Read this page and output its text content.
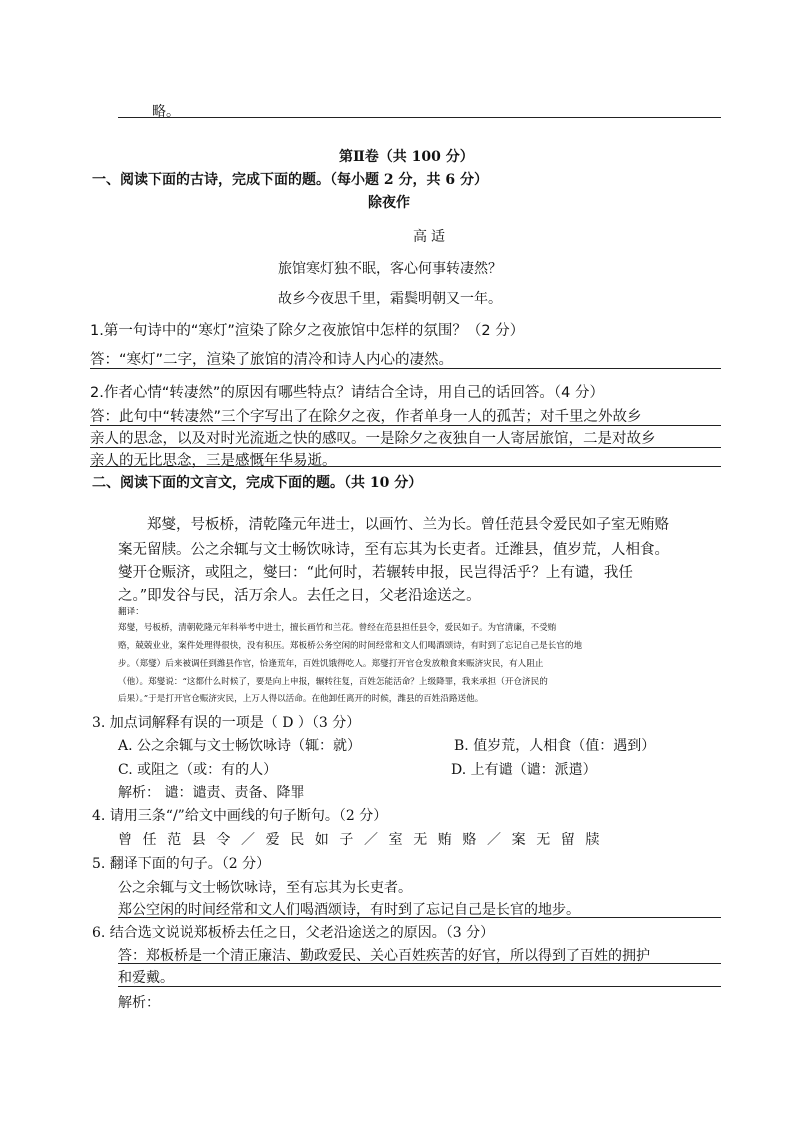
略。
第Ⅱ卷（共 100 分）
一、阅读下面的古诗，完成下面的题。（每小题 2 分，共 6 分）
除夜作
高适
旅馆寒灯独不眠，客心何事转凄然？
故乡今夜思千里，霜鬓明朝又一年。
1.第一句诗中的“寒灯”渲染了除夕之夜旅馆中怎样的氛围？（2 分）
答：“寒灯”二字，渲染了旅馆的清冷和诗人内心的凄然。
2.作者心情“转凄然”的原因有哪些特点？请结合全诗，用自己的话回答。（4 分）
答：此句中“转凄然”三个字写出了在除夕之夜，作者单身一人的孤苦；对千里之外故乡
亲人的思念，以及对时光流逝之快的感叹。一是除夕之夜独自一人寄居旅馆，二是对故乡
亲人的无比思念，三是感慨年华易逝。
二、阅读下面的文言文，完成下面的题。（共 10 分）
郑燮，号板桥，清乾隆元年进士，以画竹、兰为长。曾任范县令爱民如子室无贿赂
案无留牍。公之余辄与文士畅饮咏诗，至有忘其为长吏者。迁潍县，值岁荒，人相食。
燮开仓赈济，或阻之，燮曰：“此何时，若辗转申报，民岂得活乎？上有谴，我任
之。”即发谷与民，活万余人。去任之日，父老沿途送之。
翻译：
郑燮，号板桥，清朝乾隆元年科举考中进士，擅长画竹和兰花。曾经在范县担任县令，爱民如子。为官清廉，不受贿
赂，兢兢业业，案件处理得很快，没有积压。郑板桥公务空闲的时间经常和文人们喝酒颂诗，有时到了忘记自己是长官的地
步。（郑燮）后来被调任到潍县作官，恰逢荒年，百姓饥饿得吃人。郑燮打开官仓发放粮食来赈济灾民，有人阻止
（他）。郑燮说：“这都什么时候了，要是向上申报，辗转往复，百姓怎能活命？上级降罪，我来承担（开仓济民的
后果）。”于是打开官仓赈济灾民，上万人得以活命。在他卸任离开的时候，潍县的百姓沿路送他。
3. 加点词解释有误的一项是（ D ）（3 分）
A. 公之余辄与文士畅饮咏诗（辄：就）	B. 值岁荒，人相食（值：遇到）
C. 或阻之（或：有的人）	D. 上有谴（谴：派遣）
解析： 谴：谴责、责备、降罪
4. 请用三条“/”给文中画线的句子断句。（2 分）
曾任范县令／爱民如子／室无贿赂／案无留牍
5. 翻译下面的句子。（2 分）
公之余辄与文士畅饮咏诗，至有忘其为长吏者。
郑公空闲的时间经常和文人们喝酒颂诗，有时到了忘记自己是长官的地步。
6. 结合选文说说郑板桥去任之日，父老沿途送之的原因。（3 分）
答：郑板桥是一个清正廉洁、勤政爱民、关心百姓疾苦的好官，所以得到了百姓的拥护
和爱戴。
解析：
